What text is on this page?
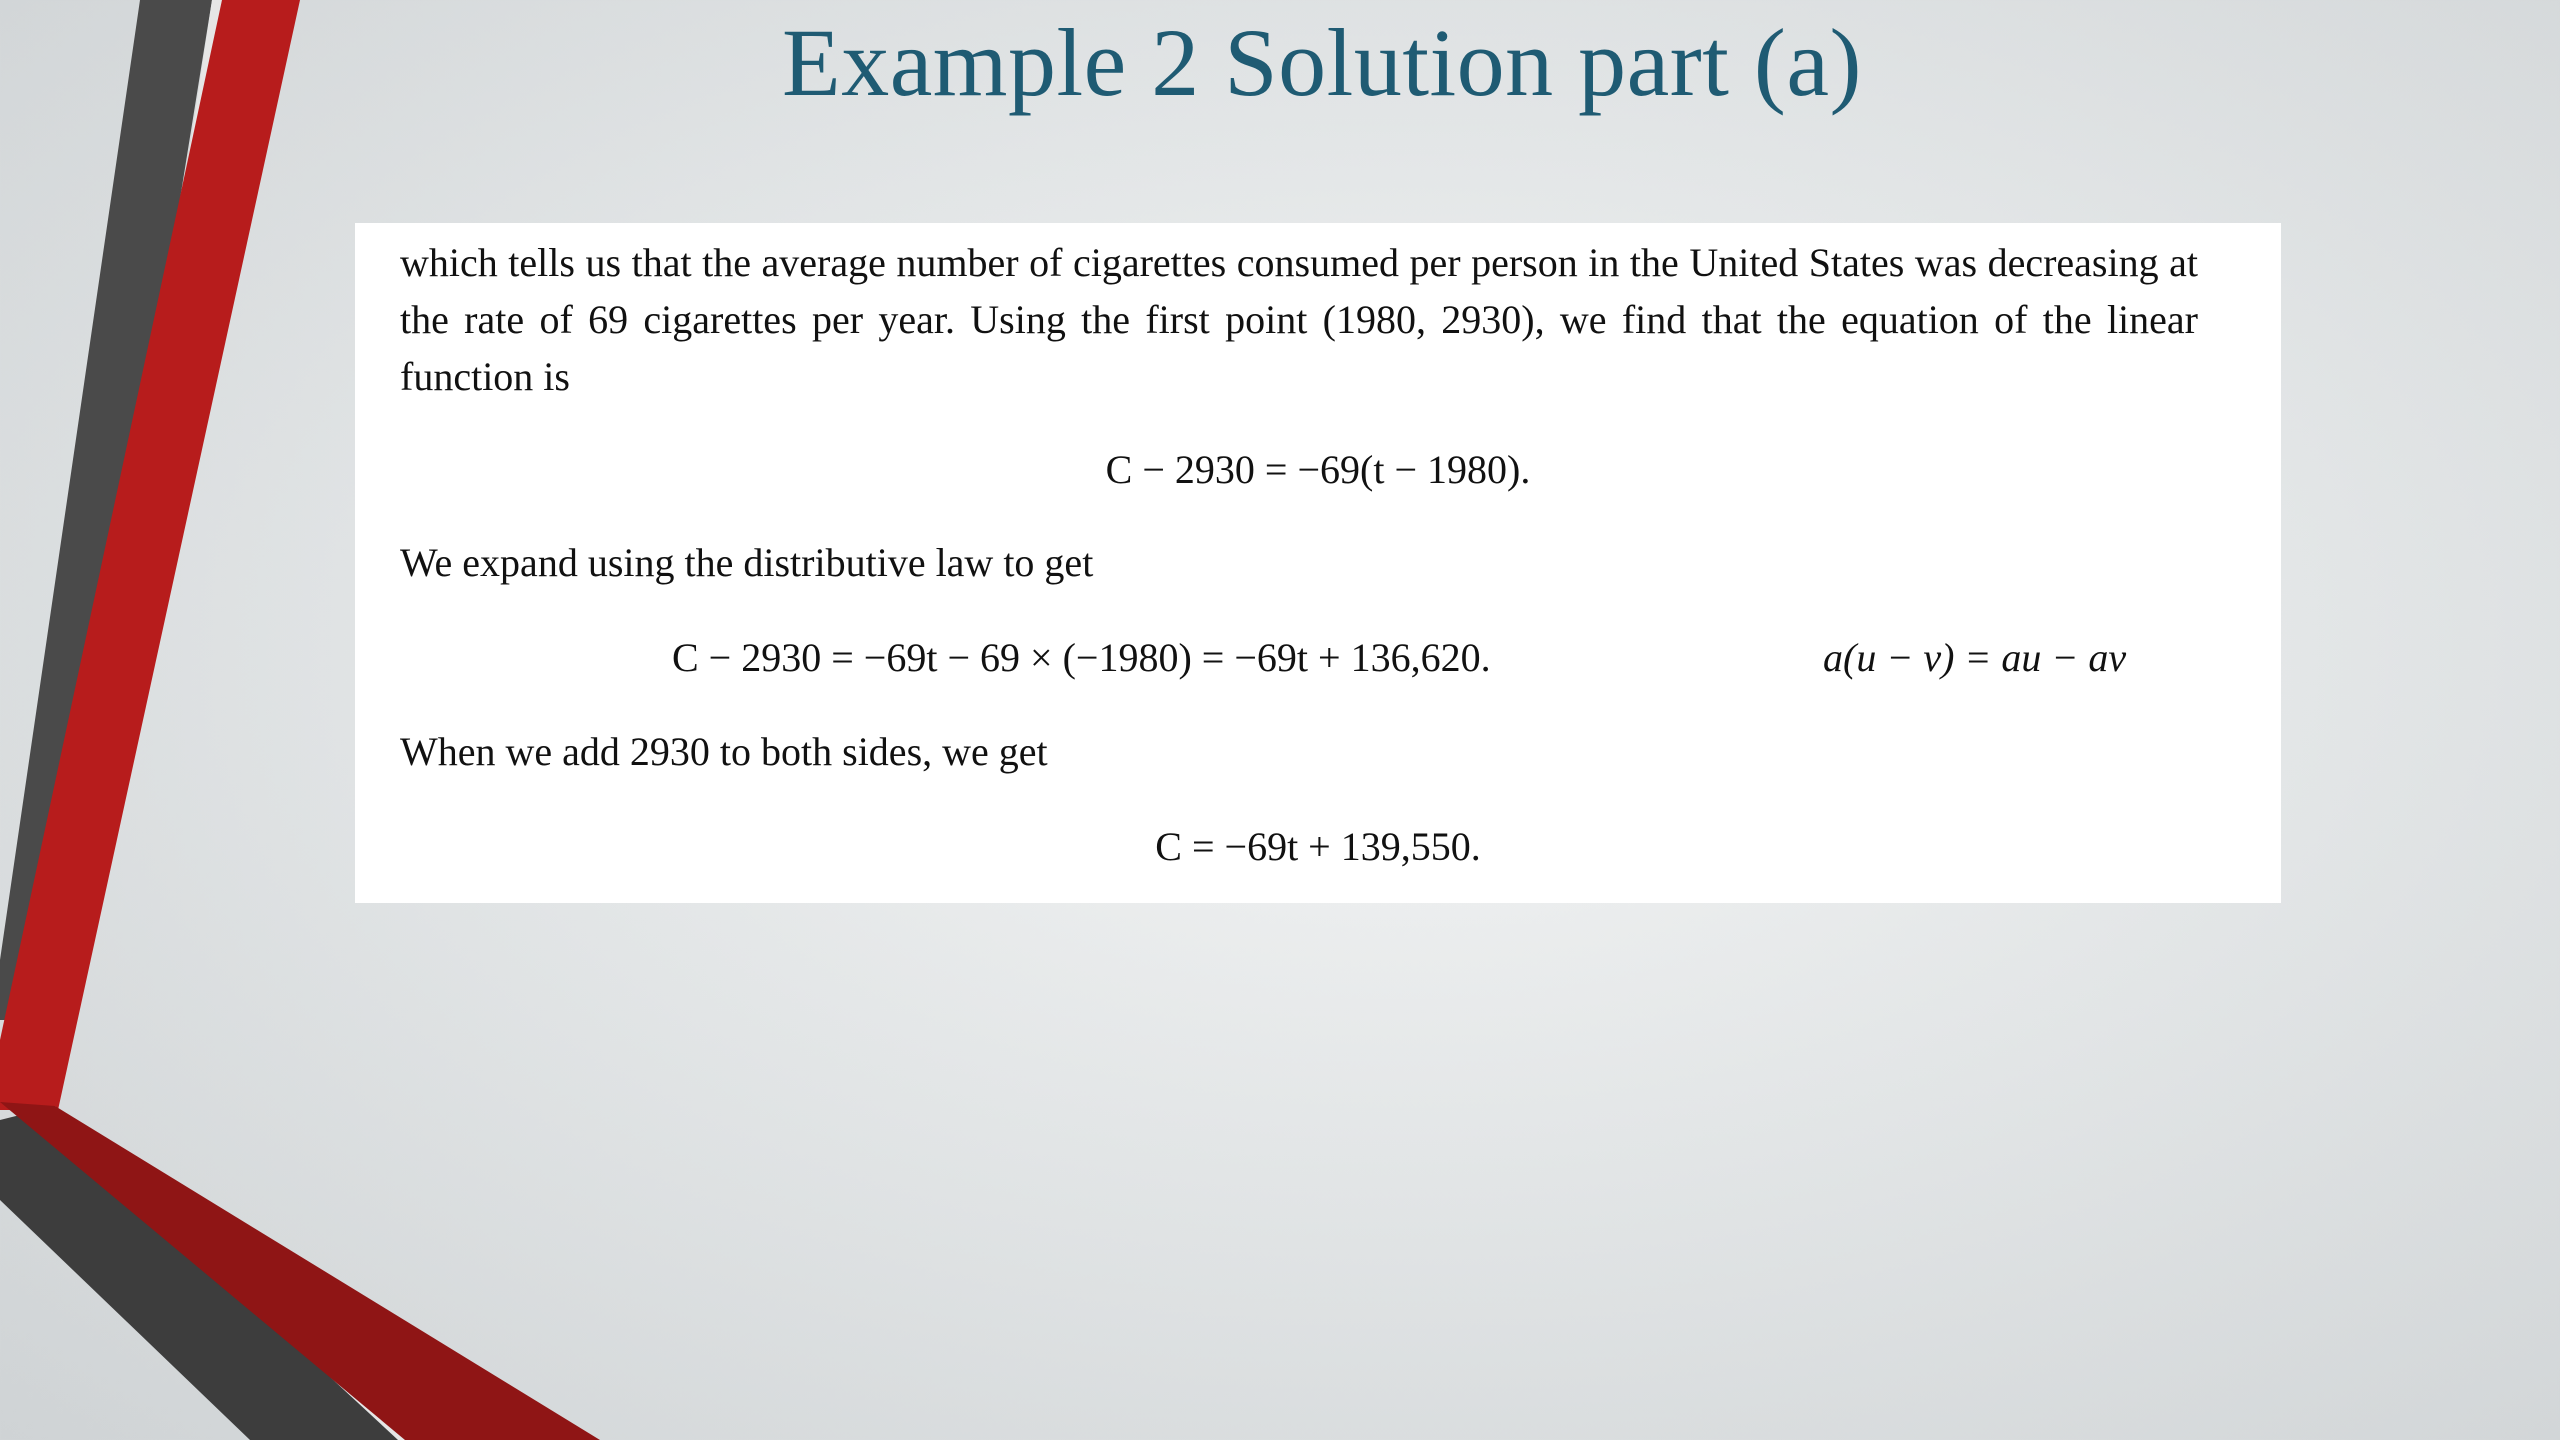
Example 2 Solution part (a)
which tells us that the average number of cigarettes consumed per person in the United States was decreasing at the rate of 69 cigarettes per year. Using the first point (1980, 2930), we find that the equation of the linear function is
C − 2930 = −69(t − 1980).
We expand using the distributive law to get
C − 2930 = −69t − 69 × (−1980) = −69t + 136,620.	a(u − v) = au − av
When we add 2930 to both sides, we get
C = −69t + 139,550.
